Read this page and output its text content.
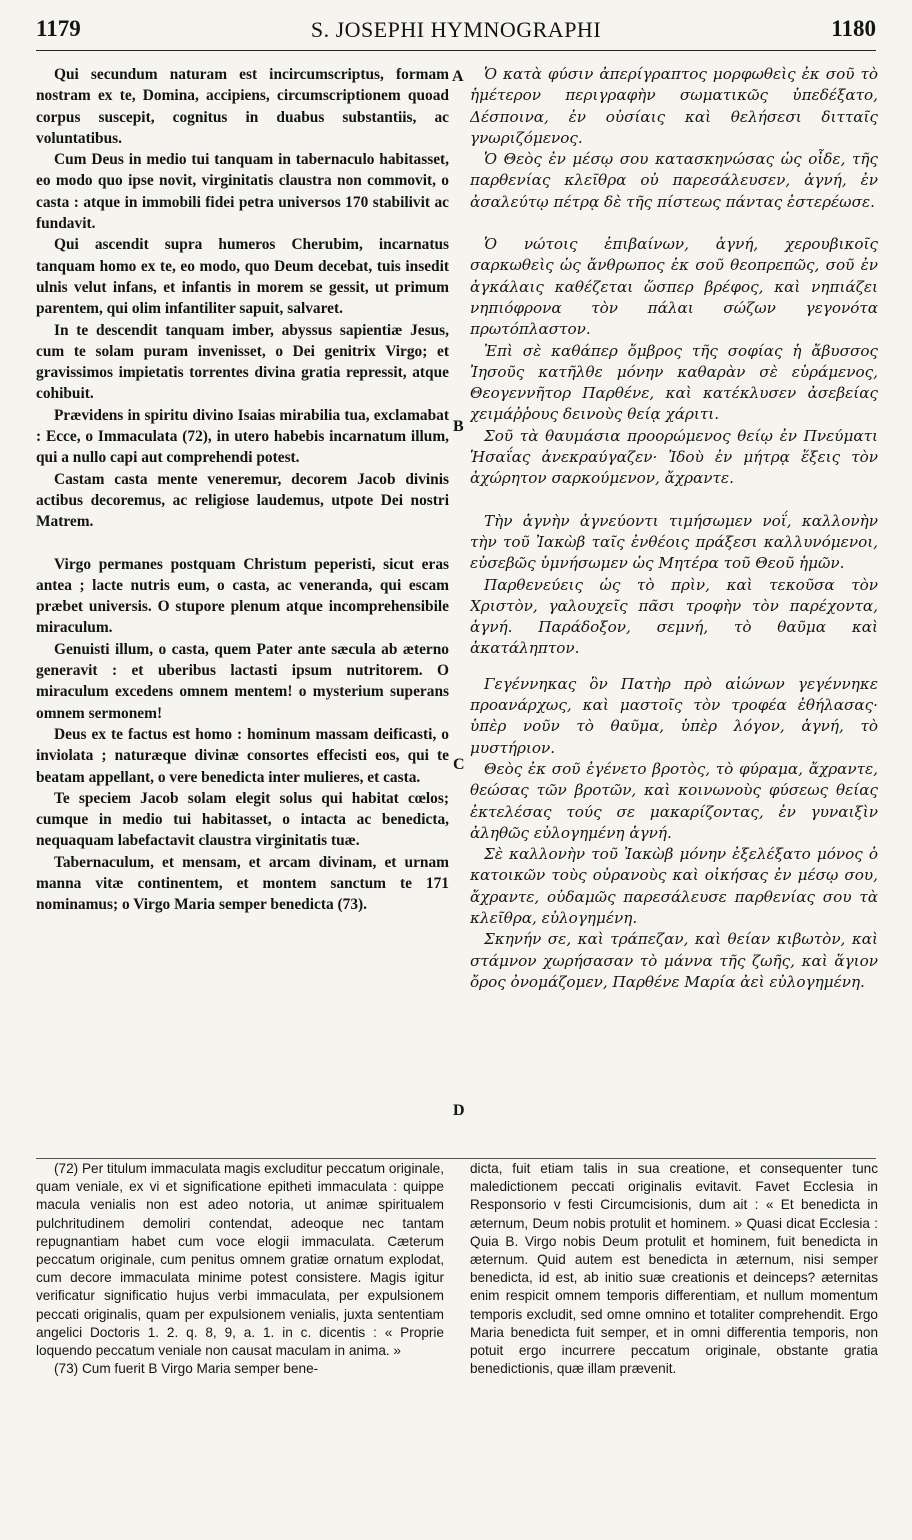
1179	S. JOSEPHI HYMNOGRAPHI	1180

Qui secundum naturam est incircumscriptus, formam nostram ex te, Domina, accipiens, circumscriptionem quoad corpus suscepit, cognitus in duabus substantiis, ac voluntatibus.

Cum Deus in medio tui tanquam in tabernaculo habitasset, eo modo quo ipse novit, virginitatis claustra non commovit, o casta : atque in immobili fidei petra universos 170 stabilivit ac fundavit.

Qui ascendit supra humeros Cherubim, incarnatus tanquam homo ex te, eo modo, quo Deum decebat, tuis insedit ulnis velut infans, et infantis in morem se gessit, ut primum parentem, qui olim infantiliter sapuit, salvaret.

In te descendit tanquam imber, abyssus sapientiæ Jesus, cum te solam puram invenisset, o Dei genitrix Virgo; et gravissimos impietatis torrentes divina gratia repressit, atque cohibuit.

Prævidens in spiritu divino Isaias mirabilia tua, exclamabat : Ecce, o Immaculata (72), in utero habebis incarnatum illum, qui a nullo capi aut comprehendi potest.

Castam casta mente veneremur, decorem Jacob divinis actibus decoremus, ac religiose laudemus, utpote Dei nostri Matrem.

Virgo permanes postquam Christum peperisti, sicut eras antea ; lacte nutris eum, o casta, ac veneranda, qui escam præbet universis. O stupore plenum atque incomprehensibile miraculum.

Genuisti illum, o casta, quem Pater ante sæcula ab æterno generavit : et uberibus lactasti ipsum nutritorem. O miraculum excedens omnem mentem! o mysterium superans omnem sermonem!

Deus ex te factus est homo : hominum massam deificasti, o inviolata ; naturæque divinæ consortes effecisti eos, qui te beatam appellant, o vere benedicta inter mulieres, et casta.

Te speciem Jacob solam elegit solus qui habitat cœlos; cumque in medio tui habitasset, o intacta ac benedicta, nequaquam labefactavit claustra virginitatis tuæ.

Tabernaculum, et mensam, et arcam divinam, et urnam manna vitæ continentem, et montem sanctum te 171 nominamus; o Virgo Maria semper benedicta (73).

A
B
C
D

Ὁ κατὰ φύσιν ἀπερίγραπτος μορφωθεὶς ἐκ σοῦ τὸ ἡμέτερον περιγραφὴν σωματικῶς ὑπεδέξατο, Δέσποινα, ἐν οὐσίαις καὶ θελήσεσι διτταῖς γνωριζόμενος.

Ὁ Θεὸς ἐν μέσῳ σου κατασκηνώσας ὡς οἶδε, τῆς παρθενίας κλεῖθρα οὐ παρεσάλευσεν, ἁγνή, ἐν ἀσαλεύτῳ πέτρᾳ δὲ τῆς πίστεως πάντας ἐστερέωσε.

Ὁ νώτοις ἐπιβαίνων, ἁγνή, χερουβικοῖς σαρκωθεὶς ὡς ἄνθρωπος ἐκ σοῦ θεοπρεπῶς, σοῦ ἐν ἀγκάλαις καθέζεται ὥσπερ βρέφος, καὶ νηπιάζει νηπιόφρονα τὸν πάλαι σώζων γεγονότα πρωτόπλαστον.

Ἐπὶ σὲ καθάπερ ὄμβρος τῆς σοφίας ἡ ἄβυσσος Ἰησοῦς κατῆλθε μόνην καθαρὰν σὲ εὑράμενος, Θεογεννῆτορ Παρθένε, καὶ κατέκλυσεν ἀσεβείας χειμάῤῥους δεινοὺς θείᾳ χάριτι.

Σοῦ τὰ θαυμάσια προορώμενος θείῳ ἐν Πνεύματι Ἡσαΐας ἀνεκραύγαζεν· Ἰδοὺ ἐν μήτρᾳ ἕξεις τὸν ἀχώρητον σαρκούμενον, ἄχραντε.

Τὴν ἁγνὴν ἁγνεύοντι τιμήσωμεν νοΐ, καλλονὴν τὴν τοῦ Ἰακὼβ ταῖς ἐνθέοις πράξεσι καλλυνόμενοι, εὐσεβῶς ὑμνήσωμεν ὡς Μητέρα τοῦ Θεοῦ ἡμῶν.

Παρθενεύεις ὡς τὸ πρὶν, καὶ τεκοῦσα τὸν Χριστὸν, γαλουχεῖς πᾶσι τροφὴν τὸν παρέχοντα, ἁγνή. Παράδοξον, σεμνή, τὸ θαῦμα καὶ ἀκατάληπτον.

Γεγέννηκας ὃν Πατὴρ πρὸ αἰώνων γεγέννηκε προανάρχως, καὶ μαστοῖς τὸν τροφέα ἐθήλασας· ὑπὲρ νοῦν τὸ θαῦμα, ὑπὲρ λόγον, ἁγνή, τὸ μυστήριον.

Θεὸς ἐκ σοῦ ἐγένετο βροτὸς, τὸ φύραμα, ἄχραντε, θεώσας τῶν βροτῶν, καὶ κοινωνοὺς φύσεως θείας ἐκτελέσας τούς σε μακαρίζοντας, ἐν γυναιξὶν ἀληθῶς εὐλογημένη ἁγνή.

Σὲ καλλονὴν τοῦ Ἰακὼβ μόνην ἐξελέξατο μόνος ὁ κατοικῶν τοὺς οὐρανοὺς καὶ οἰκήσας ἐν μέσῳ σου, ἄχραντε, οὐδαμῶς παρεσάλευσε παρθενίας σου τὰ κλεῖθρα, εὐλογημένη.

Σκηνήν σε, καὶ τράπεζαν, καὶ θείαν κιβωτὸν, καὶ στάμνον χωρήσασαν τὸ μάννα τῆς ζωῆς, καὶ ἅγιον ὄρος ὀνομάζομεν, Παρθένε Μαρία ἀεὶ εὐλογημένη.

(72) Per titulum immaculata magis excluditur peccatum originale, quam veniale, ex vi et significatione epitheti immaculata : quippe macula venialis non est adeo notoria, ut animæ spiritualem pulchritudinem demoliri contendat, adeoque nec tantam repugnantiam habet cum voce elogii immaculata. Cæterum peccatum originale, cum penitus omnem gratiæ ornatum explodat, cum decore immaculata minime potest consistere. Magis igitur verificatur significatio hujus verbi immaculata, per expulsionem peccati originalis, quam per expulsionem venialis, juxta sententiam angelici Doctoris 1. 2. q. 8, 9, a. 1. in c. dicentis : « Proprie loquendo peccatum veniale non causat maculam in anima. »

(73) Cum fuerit B Virgo Maria semper bene-

dicta, fuit etiam talis in sua creatione, et consequenter tunc maledictionem peccati originalis evitavit. Favet Ecclesia in Responsorio v festi Circumcisionis, dum ait : « Et benedicta in æternum, Deum nobis protulit et hominem. » Quasi dicat Ecclesia : Quia B. Virgo nobis Deum protulit et hominem, fuit benedicta in æternum. Quid autem est benedicta in æternum, nisi semper benedicta, id est, ab initio suæ creationis et deinceps? æternitas enim respicit omnem temporis differentiam, et nullum momentum temporis excludit, sed omne omnino et totaliter comprehendit. Ergo Maria benedicta fuit semper, et in omni differentia temporis, non potuit ergo incurrere peccatum originale, obstante gratia benedictionis, quæ illam prævenit.
